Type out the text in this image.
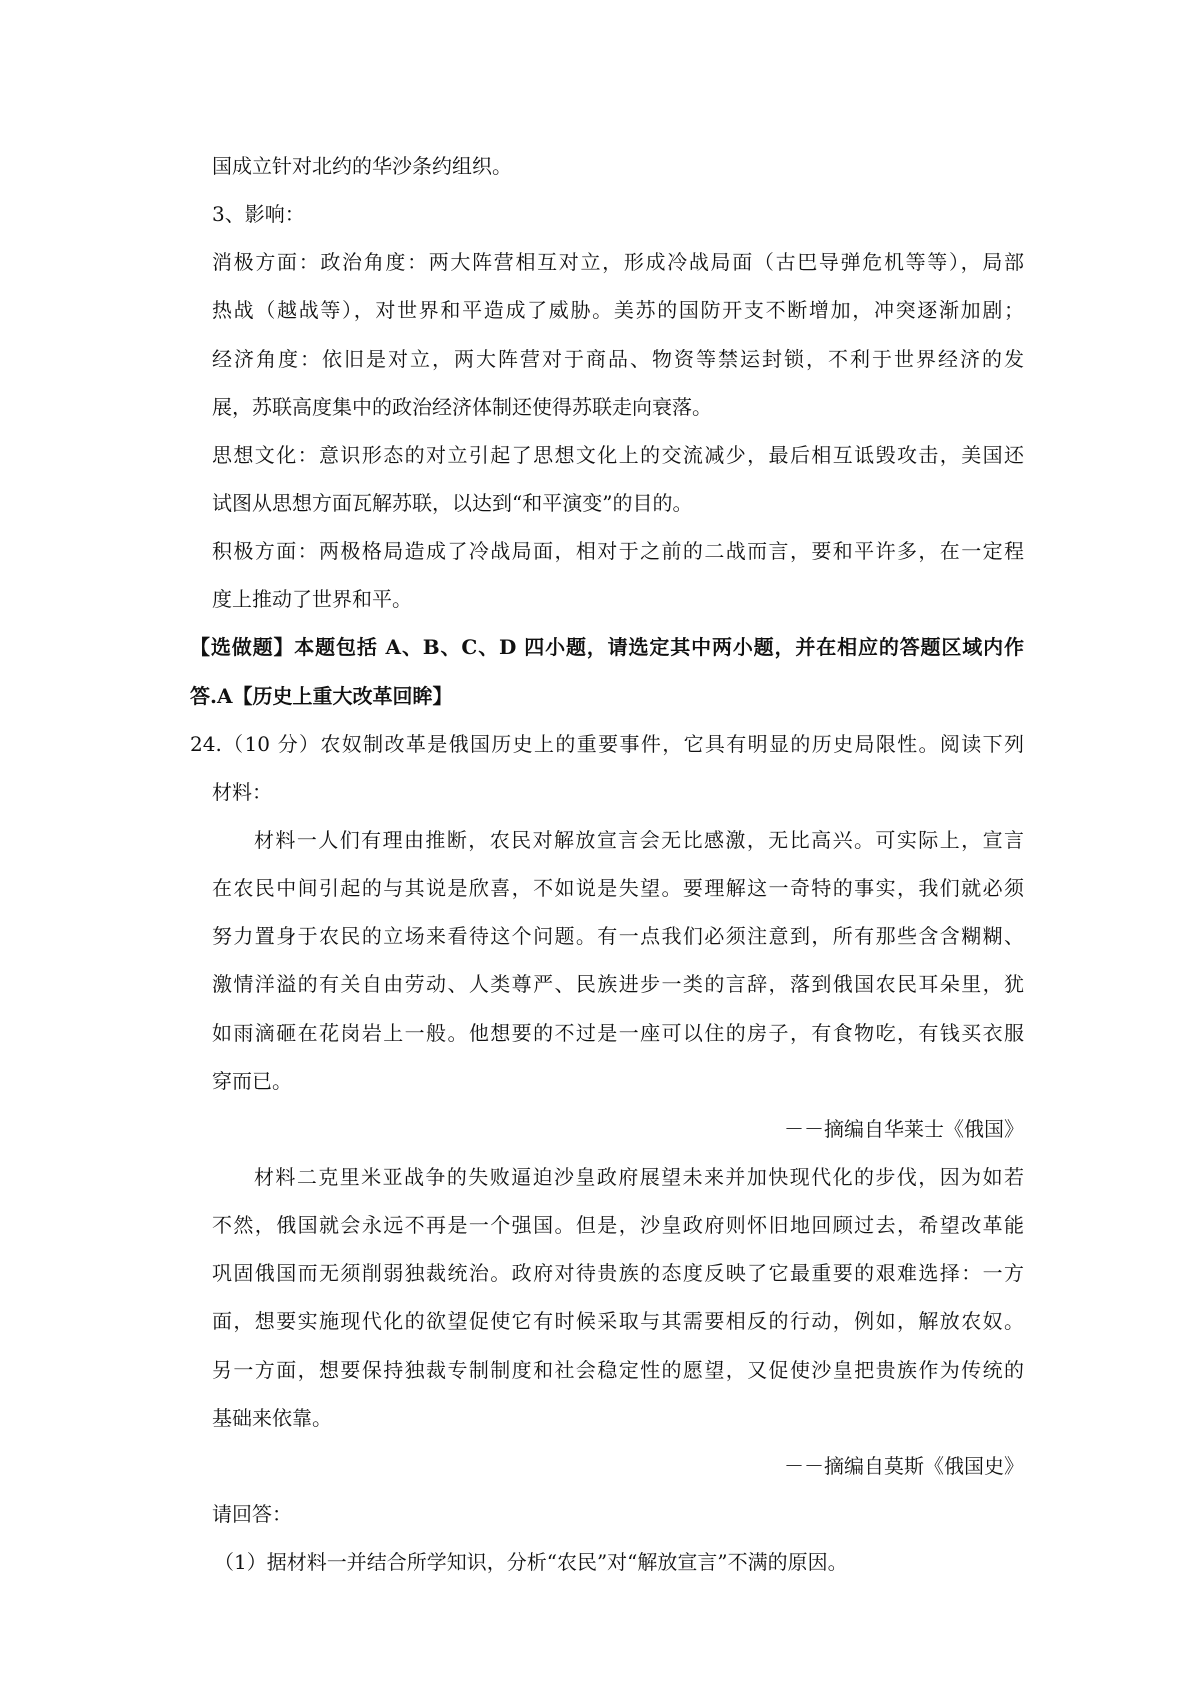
国成立针对北约的华沙条约组织。
3、影响：
消极方面：政治角度：两大阵营相互对立，形成冷战局面（古巴导弹危机等等），局部
热战（越战等），对世界和平造成了威胁。美苏的国防开支不断增加，冲突逐渐加剧；
经济角度：依旧是对立，两大阵营对于商品、物资等禁运封锁，不利于世界经济的发
展，苏联高度集中的政治经济体制还使得苏联走向衰落。
思想文化：意识形态的对立引起了思想文化上的交流减少，最后相互诋毁攻击，美国还
试图从思想方面瓦解苏联，以达到“和平演变”的目的。
积极方面：两极格局造成了冷战局面，相对于之前的二战而言，要和平许多，在一定程
度上推动了世界和平。
【选做题】本题包括 A、B、C、D 四小题，请选定其中两小题，并在相应的答题区域内作
答.A【历史上重大改革回眸】
24.（10 分）农奴制改革是俄国历史上的重要事件，它具有明显的历史局限性。阅读下列
材料：
材料一人们有理由推断，农民对解放宣言会无比感激，无比高兴。可实际上，宣言
在农民中间引起的与其说是欣喜，不如说是失望。要理解这一奇特的事实，我们就必须
努力置身于农民的立场来看待这个问题。有一点我们必须注意到，所有那些含含糊糊、
激情洋溢的有关自由劳动、人类尊严、民族进步一类的言辞，落到俄国农民耳朵里，犹
如雨滴砸在花岗岩上一般。他想要的不过是一座可以住的房子，有食物吃，有钱买衣服
穿而已。
－－摘编自华莱士《俄国》
材料二克里米亚战争的失败逼迫沙皇政府展望未来并加快现代化的步伐，因为如若
不然，俄国就会永远不再是一个强国。但是，沙皇政府则怀旧地回顾过去，希望改革能
巩固俄国而无须削弱独裁统治。政府对待贵族的态度反映了它最重要的艰难选择：一方
面，想要实施现代化的欲望促使它有时候采取与其需要相反的行动，例如，解放农奴。
另一方面，想要保持独裁专制制度和社会稳定性的愿望，又促使沙皇把贵族作为传统的
基础来依靠。
－－摘编自莫斯《俄国史》
请回答：
（1）据材料一并结合所学知识，分析“农民”对“解放宣言”不满的原因。
